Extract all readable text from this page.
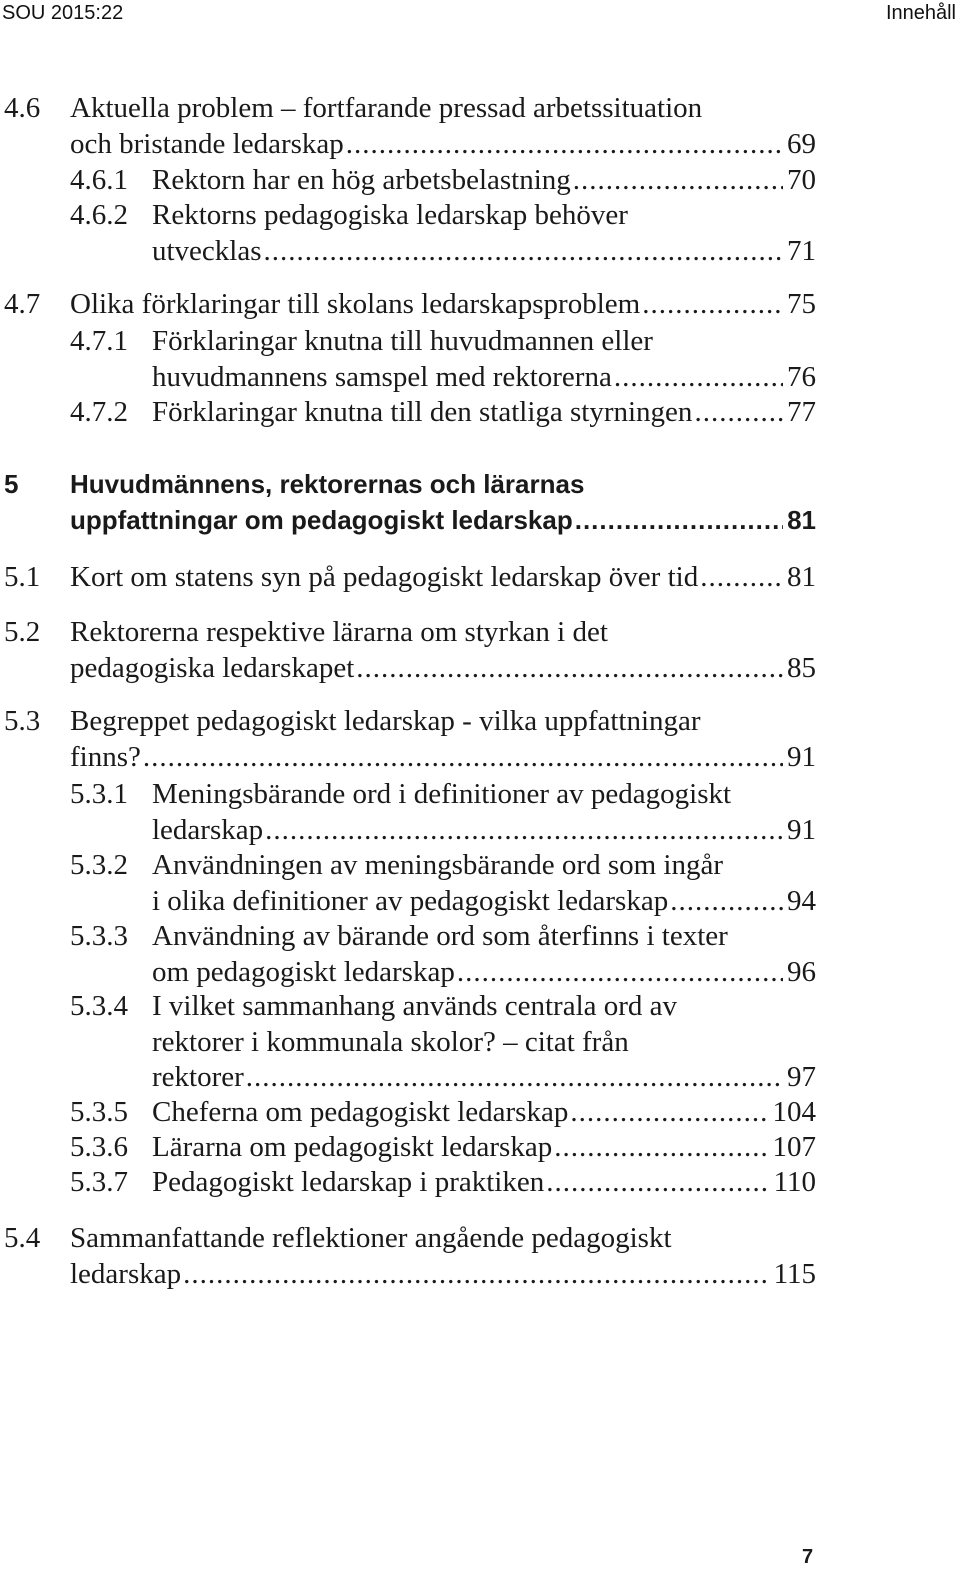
SOU 2015:22	Innehåll
4.6 Aktuella problem – fortfarande pressad arbetssituation
och bristande ledarskap .....	69
4.6.1 Rektorn har en hög arbetsbelastning .....	70
4.6.2 Rektorns pedagogiska ledarskap behöver
utvecklas .....	71
4.7 Olika förklaringar till skolans ledarskapsproblem .....	75
4.7.1 Förklaringar knutna till huvudmannen eller
huvudmannens samspel med rektorerna .....	76
4.7.2 Förklaringar knutna till den statliga styrningen .....	77
5 Huvudmännens, rektorernas och lärarnas
uppfattningar om pedagogiskt ledarskap .....	81
5.1 Kort om statens syn på pedagogiskt ledarskap över tid .....	81
5.2 Rektorerna respektive lärarna om styrkan i det
pedagogiska ledarskapet .....	85
5.3 Begreppet pedagogiskt ledarskap - vilka uppfattningar
finns? .....	91
5.3.1 Meningsbärande ord i definitioner av pedagogiskt
ledarskap .....	91
5.3.2 Användningen av meningsbärande ord som ingår
i olika definitioner av pedagogiskt ledarskap .....	94
5.3.3 Användning av bärande ord som återfinns i texter
om pedagogiskt ledarskap .....	96
5.3.4 I vilket sammanhang används centrala ord av
rektorer i kommunala skolor? – citat från
rektorer .....	97
5.3.5 Cheferna om pedagogiskt ledarskap .....	104
5.3.6 Lärarna om pedagogiskt ledarskap .....	107
5.3.7 Pedagogiskt ledarskap i praktiken .....	110
5.4 Sammanfattande reflektioner angående pedagogiskt
ledarskap .....	115
7
